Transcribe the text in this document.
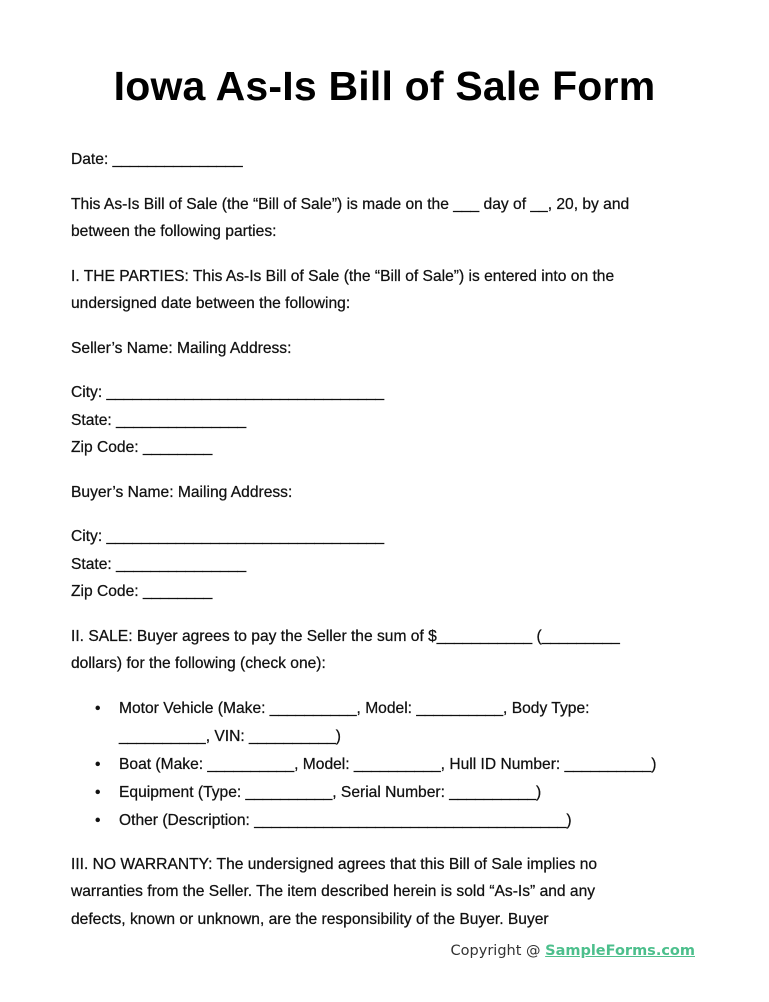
Iowa As-Is Bill of Sale Form

Date: _______________

This As-Is Bill of Sale (the “Bill of Sale”) is made on the ___ day of __, 20, by and

between the following parties:

I. THE PARTIES: This As-Is Bill of Sale (the “Bill of Sale”) is entered into on the

undersigned date between the following:

Seller’s Name: Mailing Address:

City: ________________________________

State: _______________

Zip Code: ________

Buyer’s Name: Mailing Address:

City: ________________________________

State: _______________

Zip Code: ________

II. SALE: Buyer agrees to pay the Seller the sum of $___________ (_________

dollars) for the following (check one):

• Motor Vehicle (Make: __________, Model: __________, Body Type:
__________, VIN: __________)
• Boat (Make: __________, Model: __________, Hull ID Number: __________)
• Equipment (Type: __________, Serial Number: __________)
• Other (Description: ____________________________________)

III. NO WARRANTY: The undersigned agrees that this Bill of Sale implies no

warranties from the Seller. The item described herein is sold “As-Is” and any

defects, known or unknown, are the responsibility of the Buyer. Buyer

Copyright @ SampleForms.com
